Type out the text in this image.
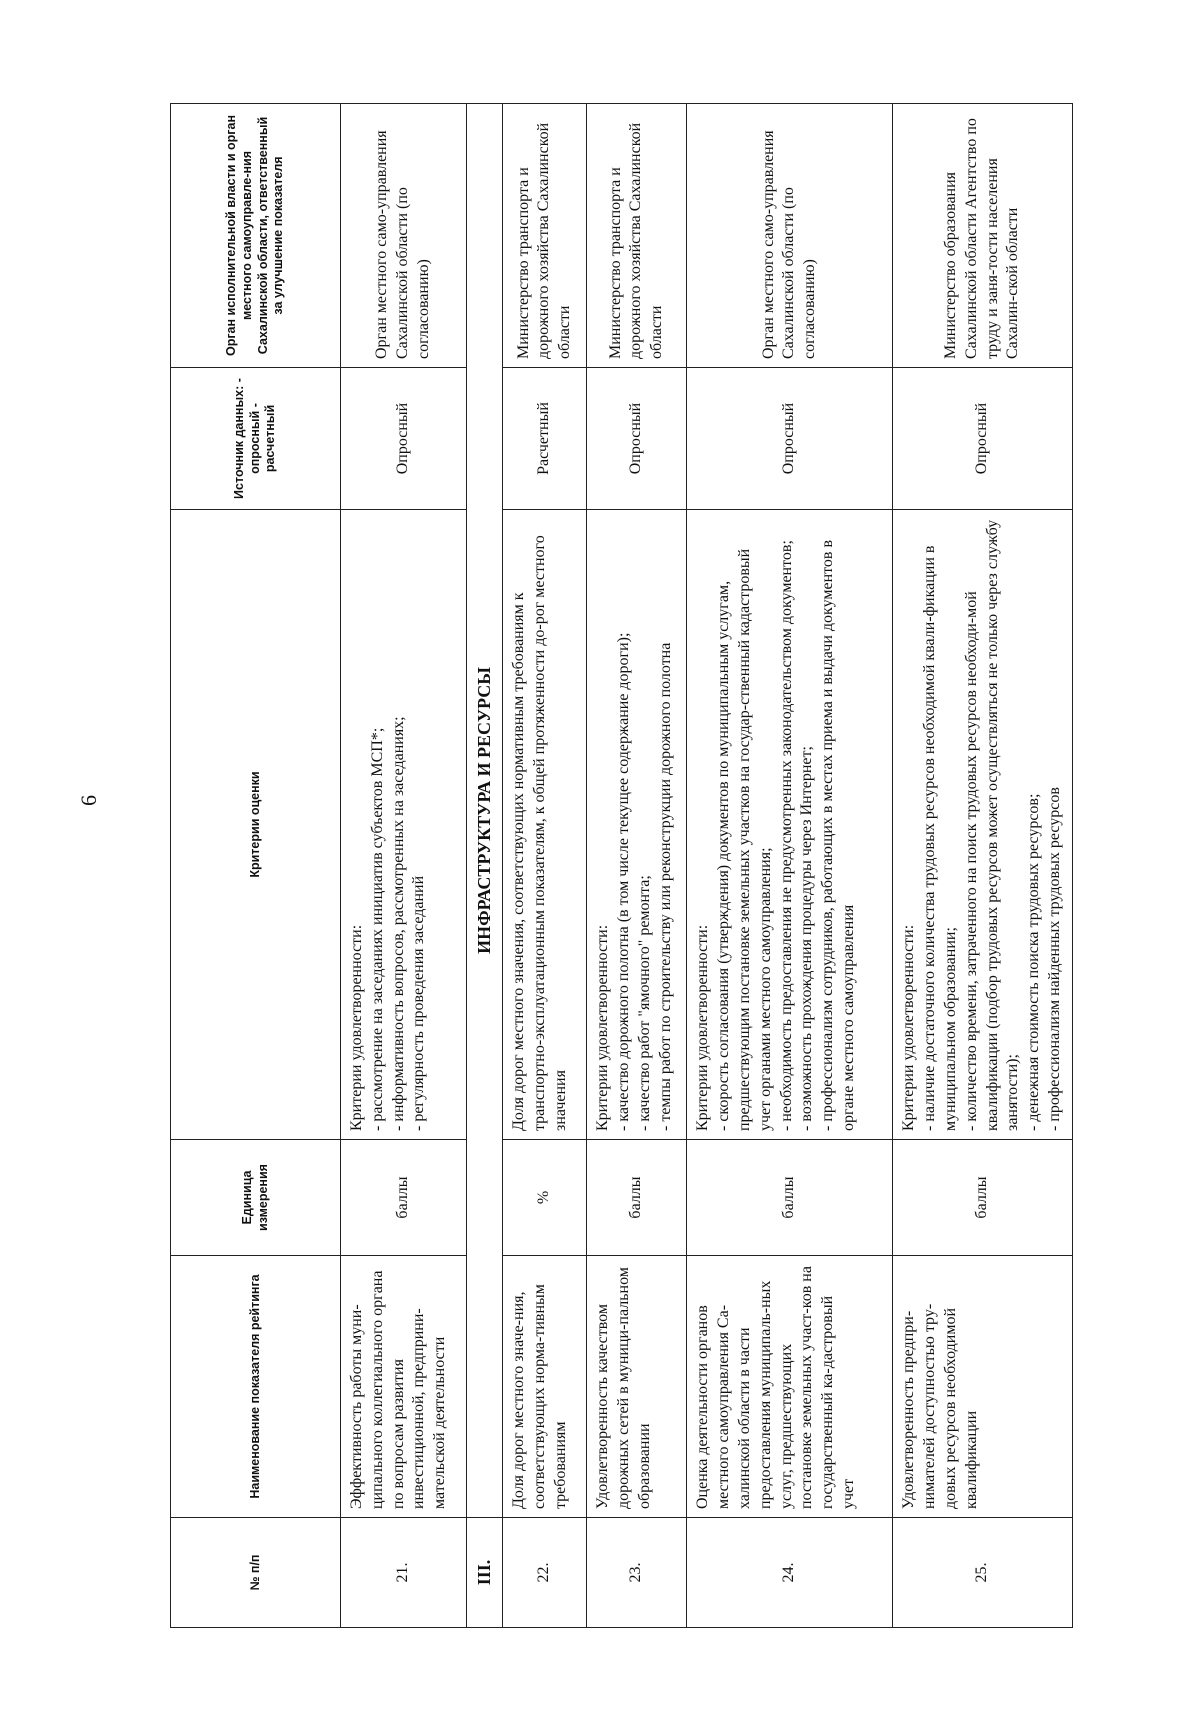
6
№ п/п	Наименование показателя рейтинга	Единица измерения	Критерии оценки	Источник данных: - опросный - расчетный	Орган исполнительной власти и орган местного самоуправле-ния Сахалинской области, ответственный за улучшение показателя
21.	Эффективность работы муни-ципального коллегиального органа по вопросам развития инвестиционной, предприни-мательской деятельности	баллы	Критерии удовлетворенности: - рассмотрение на заседаниях инициатив субъектов МСП*; - информативность вопросов, рассмотренных на заседаниях; - регулярность проведения заседаний	Опросный	Орган местного само-управления Сахалинской области (по согласованию)
III.	ИНФРАСТРУКТУРА И РЕСУРСЫ				
22.	Доля дорог местного значе-ния, соответствующих норма-тивным требованиям	%	Доля дорог местного значения, соответствующих нормативным требованиям к транспортно-эксплуатационным показателям, к общей протяженности до-рог местного значения	Расчетный	Министерство транспорта и дорожного хозяйства Сахалинской области
23.	Удовлетворенность качеством дорожных сетей в муници-пальном образовании	баллы	Критерии удовлетворенности: - качество дорожного полотна (в том числе текущее содержание дороги); - качество работ "ямочного" ремонта; - темпы работ по строительству или реконструкции дорожного полотна	Опросный	Министерство транспорта и дорожного хозяйства Сахалинской области
24.	Оценка деятельности органов местного самоуправления Са-халинской области в части предоставления муниципаль-ных услуг, предшествующих постановке земельных участ-ков на государственный ка-дастровый учет	баллы	Критерии удовлетворенности: - скорость согласования (утверждения) документов по муниципальным услугам, предшествующим постановке земельных участков на государ-ственный кадастровый учет органами местного самоуправления; - необходимость предоставления не предусмотренных законодательством документов; - возможность прохождения процедуры через Интернет; - профессионализм сотрудников, работающих в местах приема и выдачи документов в органе местного самоуправления	Опросный	Орган местного само-управления Сахалинской области (по согласованию)
25.	Удовлетворенность предпри-нимателей доступностью тру-довых ресурсов необходимой квалификации	баллы	Критерии удовлетворенности: - наличие достаточного количества трудовых ресурсов необходимой квали-фикации в муниципальном образовании; - количество времени, затраченного на поиск трудовых ресурсов необходи-мой квалификации (подбор трудовых ресурсов может осуществляться не только через службу занятости); - денежная стоимость поиска трудовых ресурсов; - профессионализм найденных трудовых ресурсов	Опросный	Министерство образования Сахалинской области Агентство по труду и заня-тости населения Сахалин-ской области
